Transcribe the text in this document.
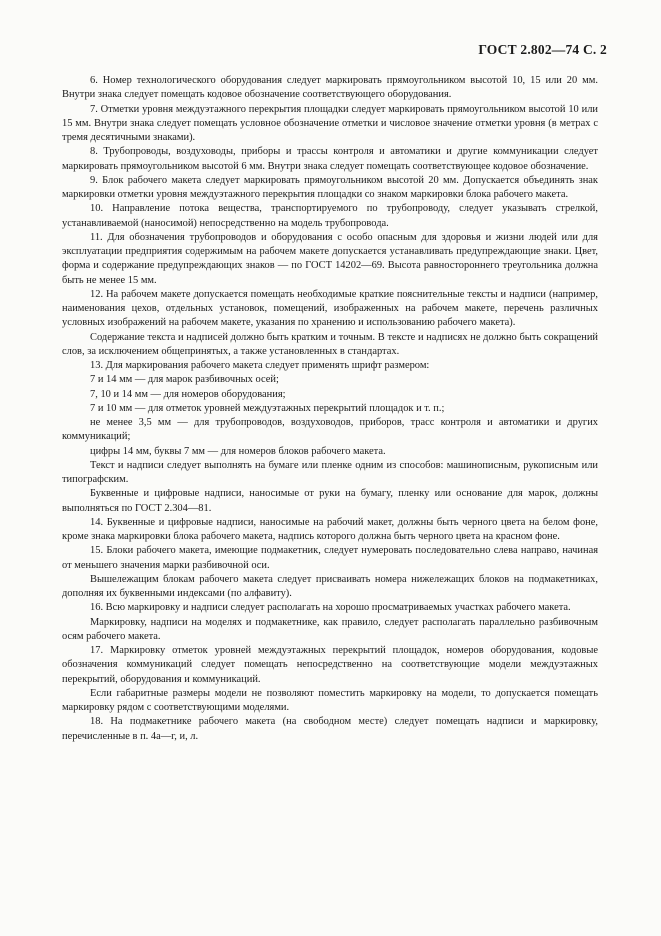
ГОСТ 2.802—74 С. 2

6. Номер технологического оборудования следует маркировать прямоугольником высотой 10, 15 или 20 мм. Внутри знака следует помещать кодовое обозначение соответствующего оборудования.

7. Отметки уровня междуэтажного перекрытия площадки следует маркировать прямоугольником высотой 10 или 15 мм. Внутри знака следует помещать условное обозначение отметки и числовое значение отметки уровня (в метрах с тремя десятичными знаками).

8. Трубопроводы, воздуховоды, приборы и трассы контроля и автоматики и другие коммуникации следует маркировать прямоугольником высотой 6 мм. Внутри знака следует помещать соответствующее кодовое обозначение.

9. Блок рабочего макета следует маркировать прямоугольником высотой 20 мм. Допускается объединять знак маркировки отметки уровня междуэтажного перекрытия площадки со знаком маркировки блока рабочего макета.

10. Направление потока вещества, транспортируемого по трубопроводу, следует указывать стрелкой, устанавливаемой (наносимой) непосредственно на модель трубопровода.

11. Для обозначения трубопроводов и оборудования с особо опасным для здоровья и жизни людей или для эксплуатации предприятия содержимым на рабочем макете допускается устанавливать предупреждающие знаки. Цвет, форма и содержание предупреждающих знаков — по ГОСТ 14202—69. Высота равностороннего треугольника должна быть не менее 15 мм.

12. На рабочем макете допускается помещать необходимые краткие пояснительные тексты и надписи (например, наименования цехов, отдельных установок, помещений, изображенных на рабочем макете, перечень различных условных изображений на рабочем макете, указания по хранению и использованию рабочего макета).

Содержание текста и надписей должно быть кратким и точным. В тексте и надписях не должно быть сокращений слов, за исключением общепринятых, а также установленных в стандартах.

13. Для маркирования рабочего макета следует применять шрифт размером:

7 и 14 мм — для марок разбивочных осей;

7, 10 и 14 мм — для номеров оборудования;

7 и 10 мм — для отметок уровней междуэтажных перекрытий площадок и т. п.;

не менее 3,5 мм — для трубопроводов, воздуховодов, приборов, трасс контроля и автоматики и других коммуникаций;

цифры 14 мм, буквы 7 мм — для номеров блоков рабочего макета.

Текст и надписи следует выполнять на бумаге или пленке одним из способов: машинописным, рукописным или типографским.

Буквенные и цифровые надписи, наносимые от руки на бумагу, пленку или основание для марок, должны выполняться по ГОСТ 2.304—81.

14. Буквенные и цифровые надписи, наносимые на рабочий макет, должны быть черного цвета на белом фоне, кроме знака маркировки блока рабочего макета, надпись которого должна быть черного цвета на красном фоне.

15. Блоки рабочего макета, имеющие подмакетник, следует нумеровать последовательно слева направо, начиная от меньшего значения марки разбивочной оси.

Вышележащим блокам рабочего макета следует присваивать номера нижележащих блоков на подмакетниках, дополняя их буквенными индексами (по алфавиту).

16. Всю маркировку и надписи следует располагать на хорошо просматриваемых участках рабочего макета.

Маркировку, надписи на моделях и подмакетнике, как правило, следует располагать параллельно разбивочным осям рабочего макета.

17. Маркировку отметок уровней междуэтажных перекрытий площадок, номеров оборудования, кодовые обозначения коммуникаций следует помещать непосредственно на соответствующие модели междуэтажных перекрытий, оборудования и коммуникаций.

Если габаритные размеры модели не позволяют поместить маркировку на модели, то допускается помещать маркировку рядом с соответствующими моделями.

18. На подмакетнике рабочего макета (на свободном месте) следует помещать надписи и маркировку, перечисленные в п. 4а—г, и, л.
